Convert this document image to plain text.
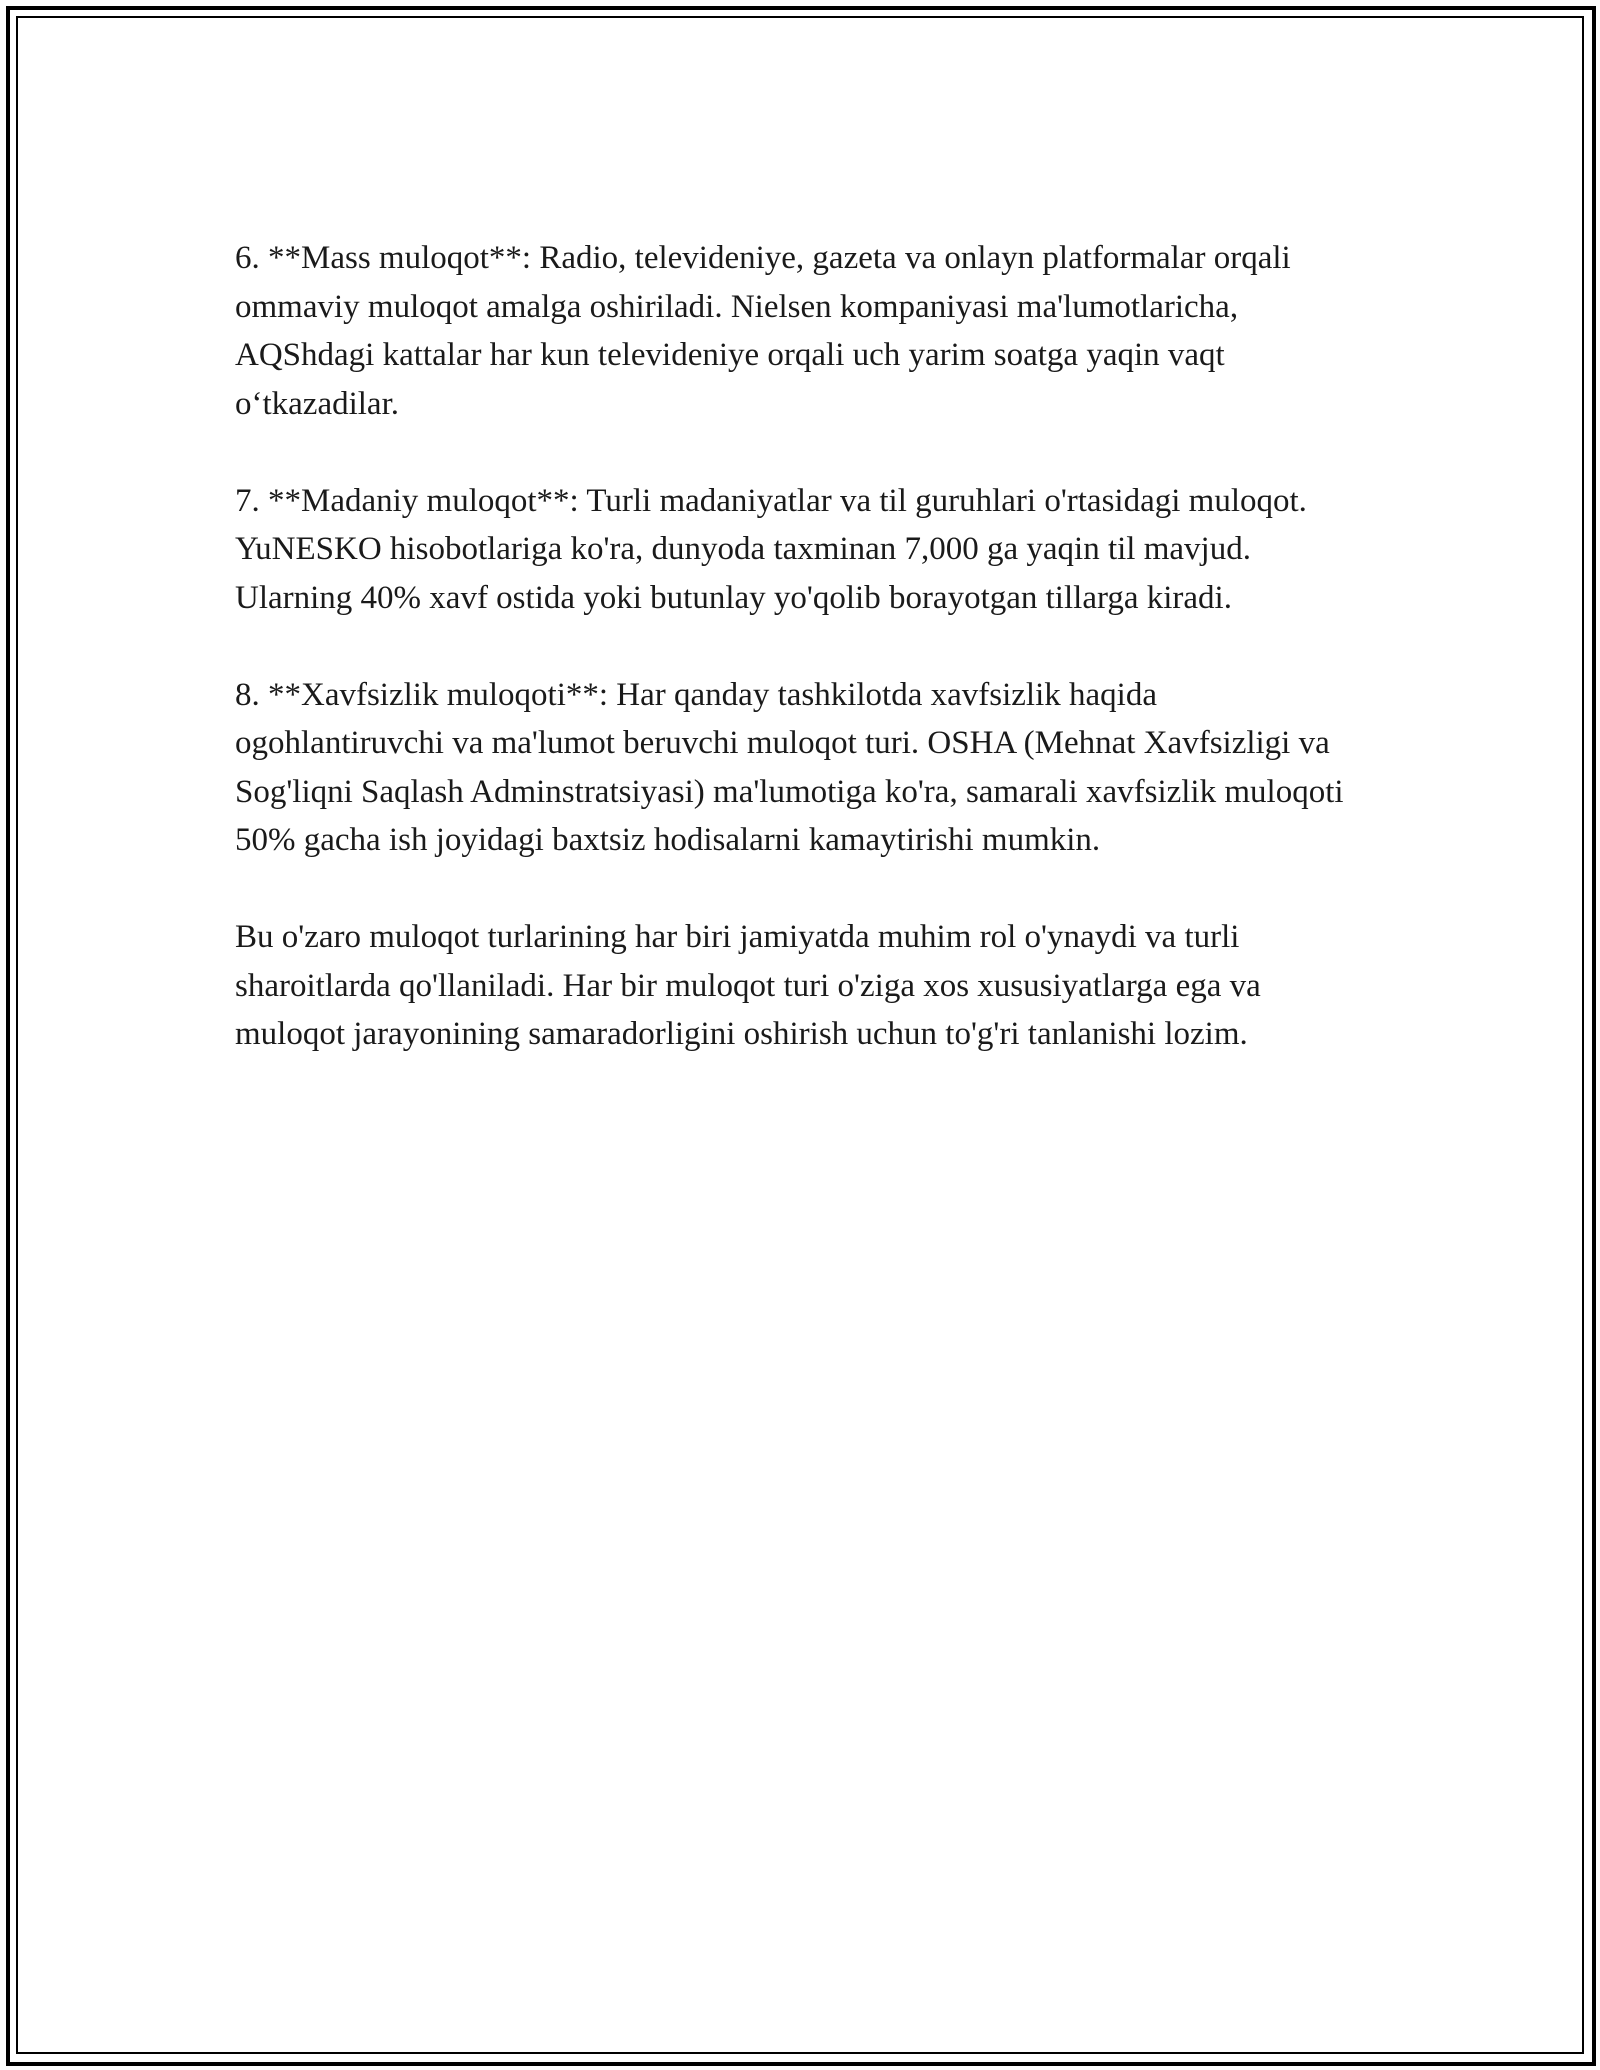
6. **Mass muloqot**: Radio, televideniye, gazeta va onlayn platformalar orqali ommaviy muloqot amalga oshiriladi. Nielsen kompaniyasi ma'lumotlaricha, AQShdagi kattalar har kun televideniye orqali uch yarim soatga yaqin vaqt o‘tkazadilar.

7. **Madaniy muloqot**: Turli madaniyatlar va til guruhlari o'rtasidagi muloqot. YuNESKO hisobotlariga ko'ra, dunyoda taxminan 7,000 ga yaqin til mavjud. Ularning 40% xavf ostida yoki butunlay yo'qolib borayotgan tillarga kiradi.

8. **Xavfsizlik muloqoti**: Har qanday tashkilotda xavfsizlik haqida ogohlantiruvchi va ma'lumot beruvchi muloqot turi. OSHA (Mehnat Xavfsizligi va Sog'liqni Saqlash Adminstratsiyasi) ma'lumotiga ko'ra, samarali xavfsizlik muloqoti 50% gacha ish joyidagi baxtsiz hodisalarni kamaytirishi mumkin.

Bu o'zaro muloqot turlarining har biri jamiyatda muhim rol o'ynaydi va turli sharoitlarda qo'llaniladi. Har bir muloqot turi o'ziga xos xususiyatlarga ega va muloqot jarayonining samaradorligini oshirish uchun to'g'ri tanlanishi lozim.
